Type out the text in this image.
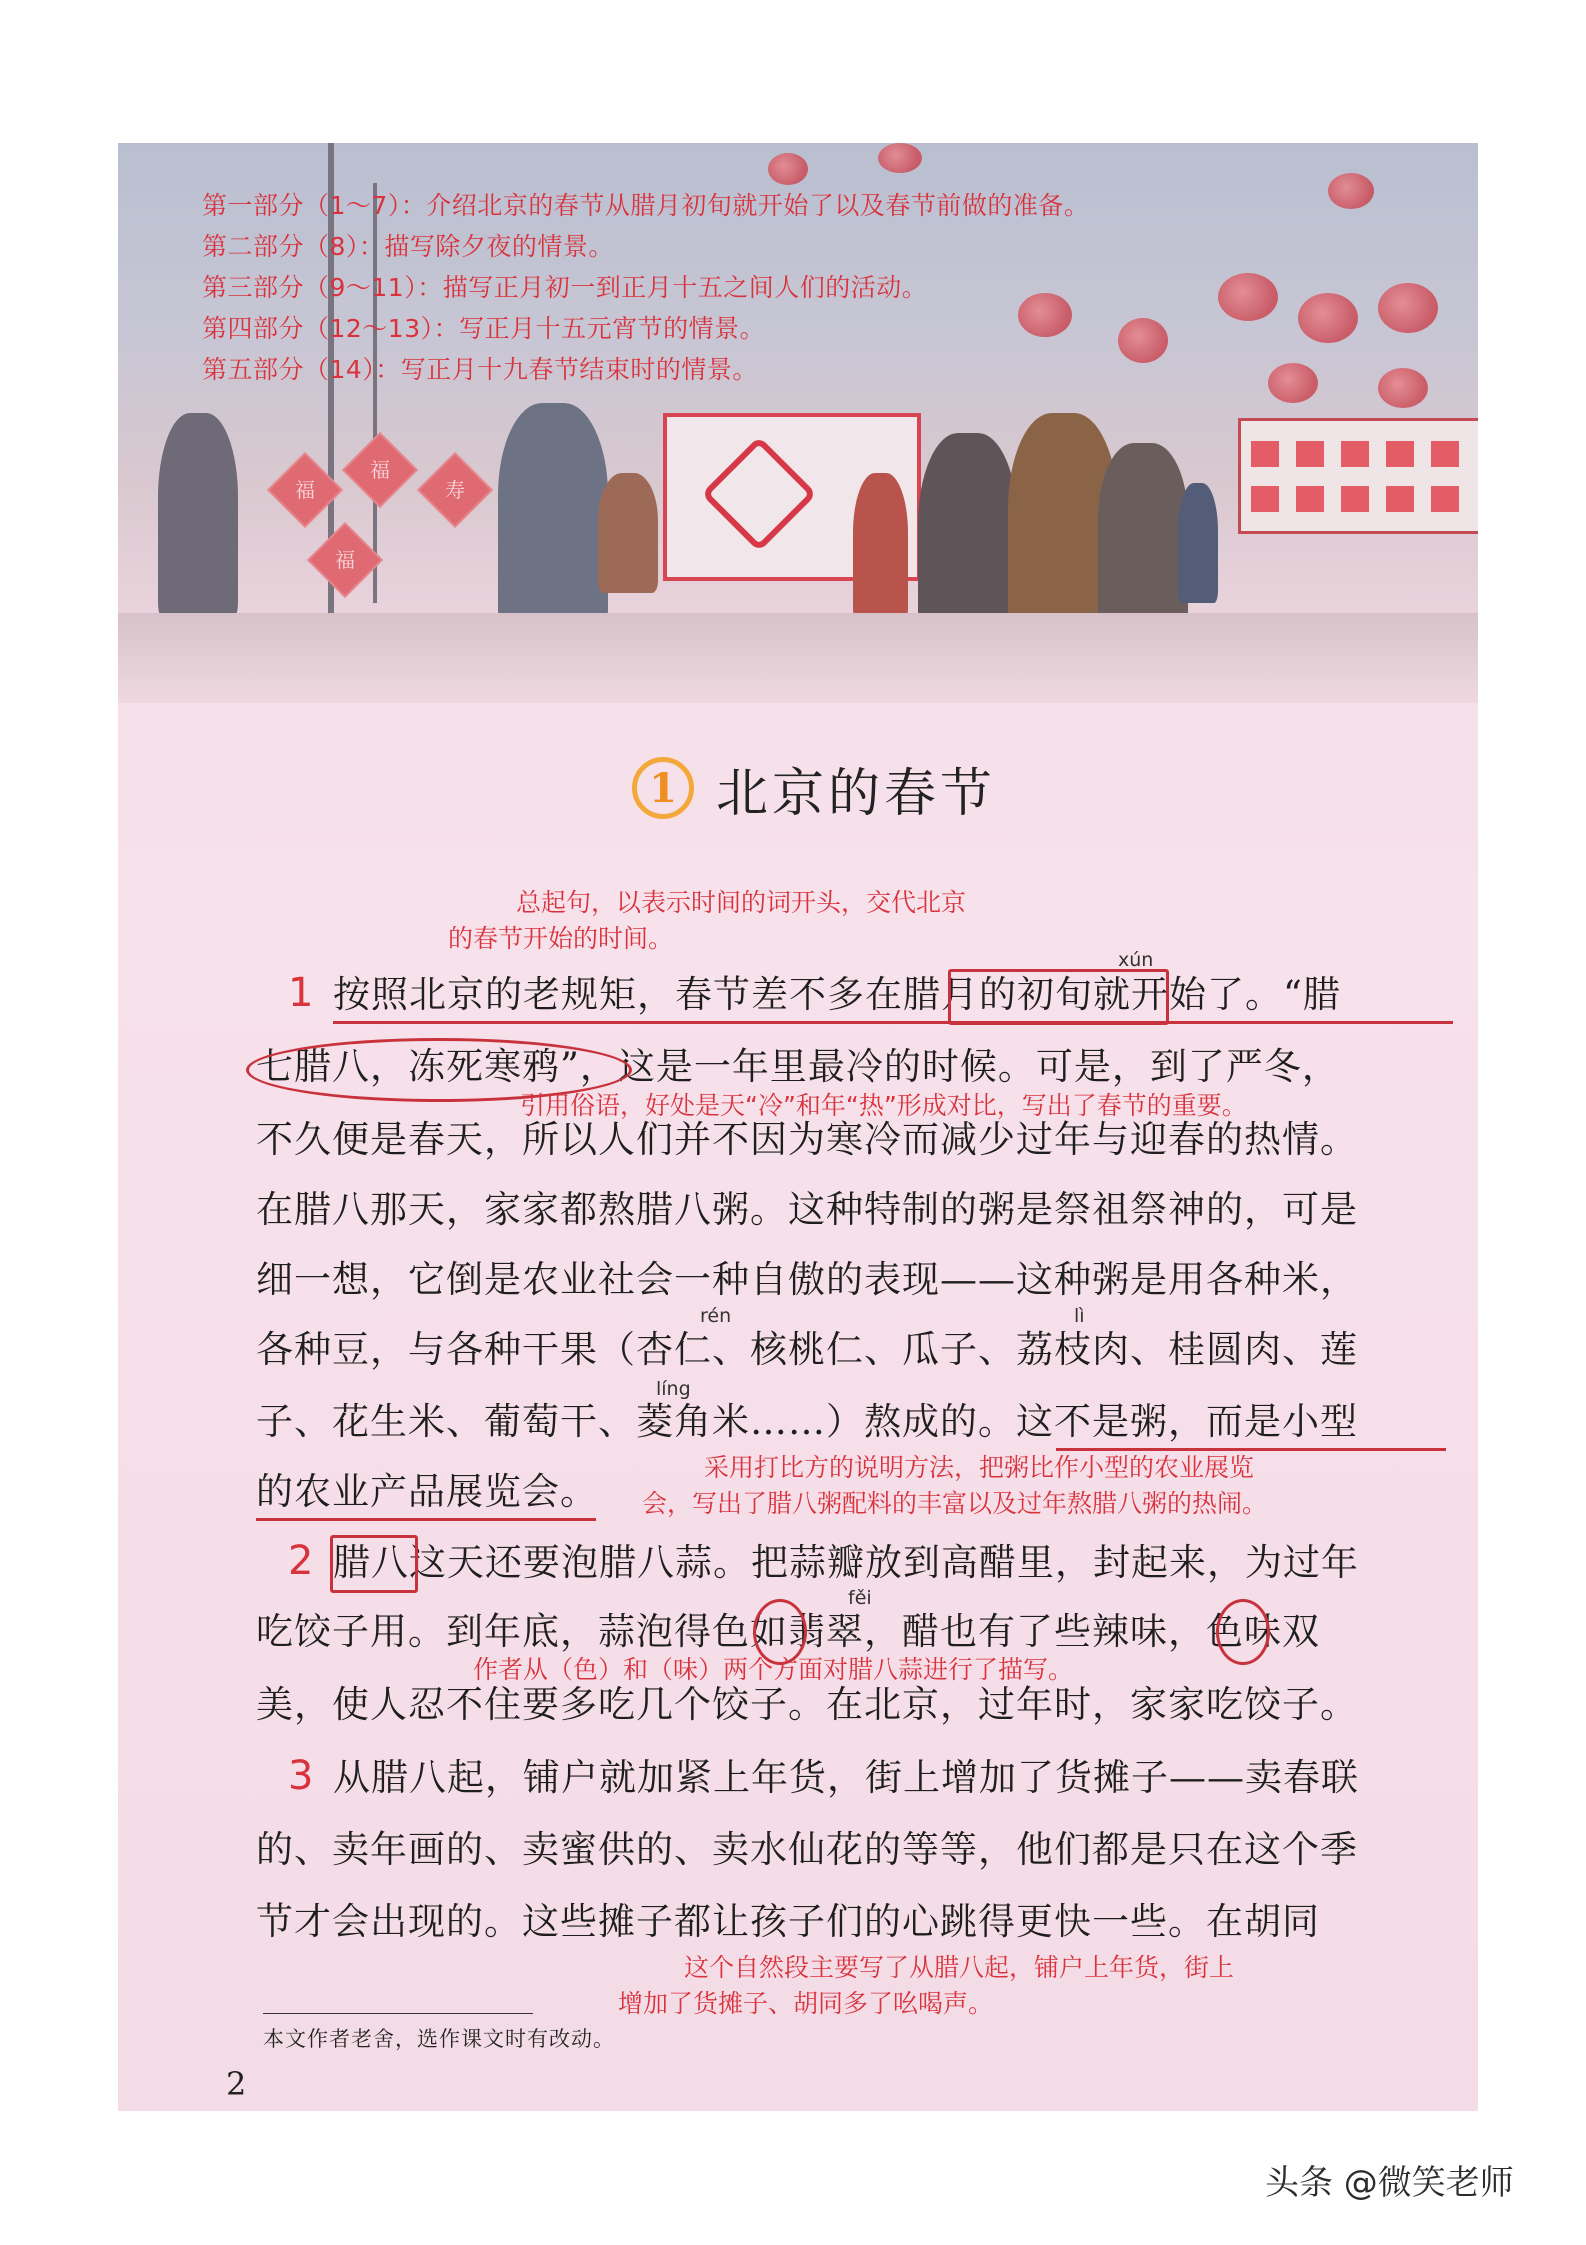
福
福
寿
福
第一部分（1～7）：介绍北京的春节从腊月初旬就开始了以及春节前做的准备。
第二部分（8）：描写除夕夜的情景。
第三部分（9～11）：描写正月初一到正月十五之间人们的活动。
第四部分（12～13）：写正月十五元宵节的情景。
第五部分（14）：写正月十九春节结束时的情景。
1 北京的春节
总起句，以表示时间的词开头，交代北京
的春节开始的时间。
1
xún
按照北京的老规矩，春节差不多在腊月的初旬就开始了。“腊
七腊八，冻死寒鸦”，这是一年里最冷的时候。可是，到了严冬，
引用俗语，好处是天“冷”和年“热”形成对比，写出了春节的重要。
不久便是春天，所以人们并不因为寒冷而减少过年与迎春的热情。
在腊八那天，家家都熬腊八粥。这种特制的粥是祭祖祭神的，可是
细一想，它倒是农业社会一种自傲的表现——这种粥是用各种米，
rén	lì
各种豆，与各种干果（杏仁、核桃仁、瓜子、荔枝肉、桂圆肉、莲
líng
子、花生米、葡萄干、菱角米……）熬成的。这不是粥，而是小型
的农业产品展览会。
采用打比方的说明方法，把粥比作小型的农业展览
会，写出了腊八粥配料的丰富以及过年熬腊八粥的热闹。
2 腊八这天还要泡腊八蒜。把蒜瓣放到高醋里，封起来，为过年
fěi
吃饺子用。到年底，蒜泡得色如翡翠，醋也有了些辣味，色味双
作者从（色）和（味）两个方面对腊八蒜进行了描写。
美，使人忍不住要多吃几个饺子。在北京，过年时，家家吃饺子。
3 从腊八起，铺户就加紧上年货，街上增加了货摊子——卖春联
的、卖年画的、卖蜜供的、卖水仙花的等等，他们都是只在这个季
节才会出现的。这些摊子都让孩子们的心跳得更快一些。在胡同
这个自然段主要写了从腊八起，铺户上年货，街上
增加了货摊子、胡同多了吆喝声。
本文作者老舍，选作课文时有改动。
2
头条 @微笑老师
